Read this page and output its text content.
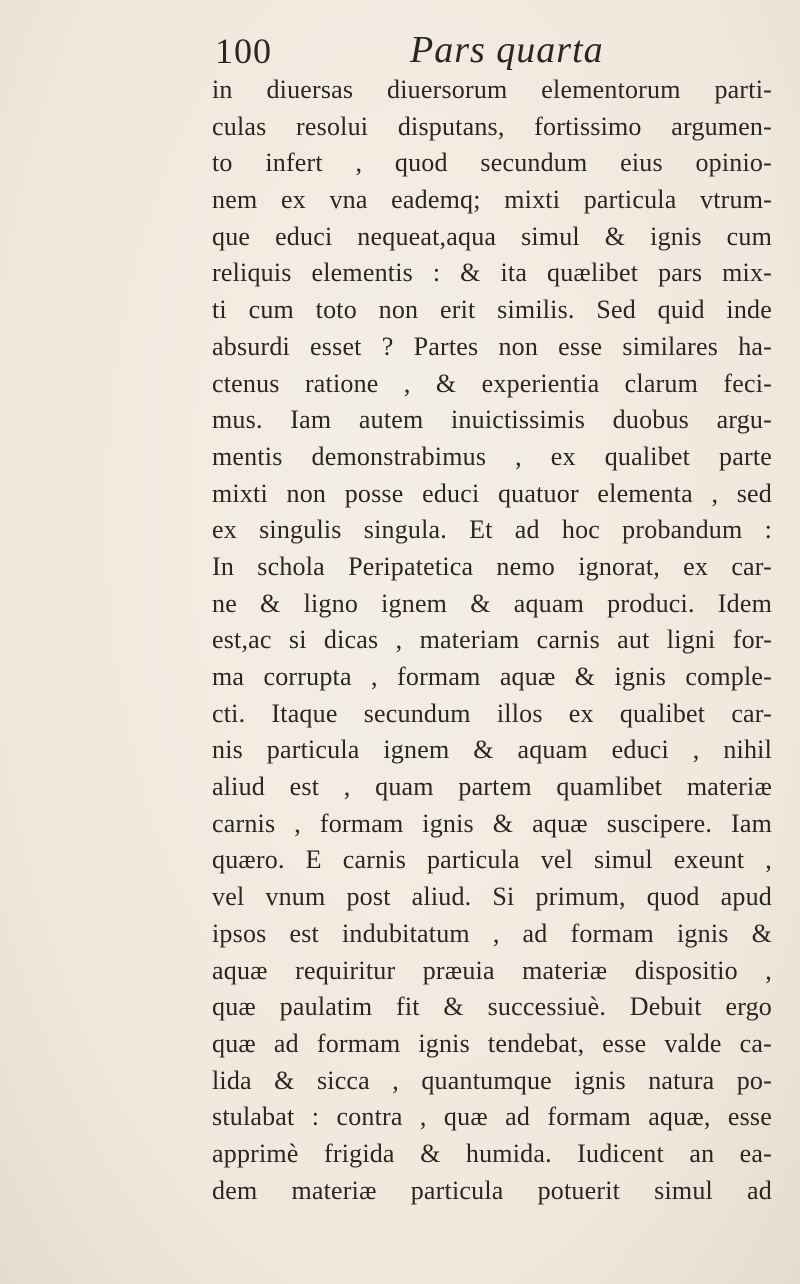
100	Pars quarta
in diuersas diuersorum elementorum parti-
culas resolui disputans, fortissimo argumen-
to infert , quod secundum eius opinio-
nem ex vna eademq; mixti particula vtrum-
que educi nequeat,aqua simul & ignis cum
reliquis elementis : & ita quælibet pars mix-
ti cum toto non erit similis. Sed quid inde
absurdi esset ? Partes non esse similares ha-
ctenus ratione , & experientia clarum feci-
mus. Iam autem inuictissimis duobus argu-
mentis demonstrabimus , ex qualibet parte
mixti non posse educi quatuor elementa , sed
ex singulis singula. Et ad hoc probandum :
In schola Peripatetica nemo ignorat, ex car-
ne & ligno ignem & aquam produci. Idem
est,ac si dicas , materiam carnis aut ligni for-
ma corrupta , formam aquæ & ignis comple-
cti. Itaque secundum illos ex qualibet car-
nis particula ignem & aquam educi , nihil
aliud est , quam partem quamlibet materiæ
carnis , formam ignis & aquæ suscipere. Iam
quæro. E carnis particula vel simul exeunt ,
vel vnum post aliud. Si primum, quod apud
ipsos est indubitatum , ad formam ignis &
aquæ requiritur præuia materiæ dispositio ,
quæ paulatim fit & successiuè. Debuit ergo
quæ ad formam ignis tendebat, esse valde ca-
lida & sicca , quantumque ignis natura po-
stulabat : contra , quæ ad formam aquæ, esse
apprimè frigida & humida. Iudicent an ea-
dem materiæ particula potuerit simul ad
